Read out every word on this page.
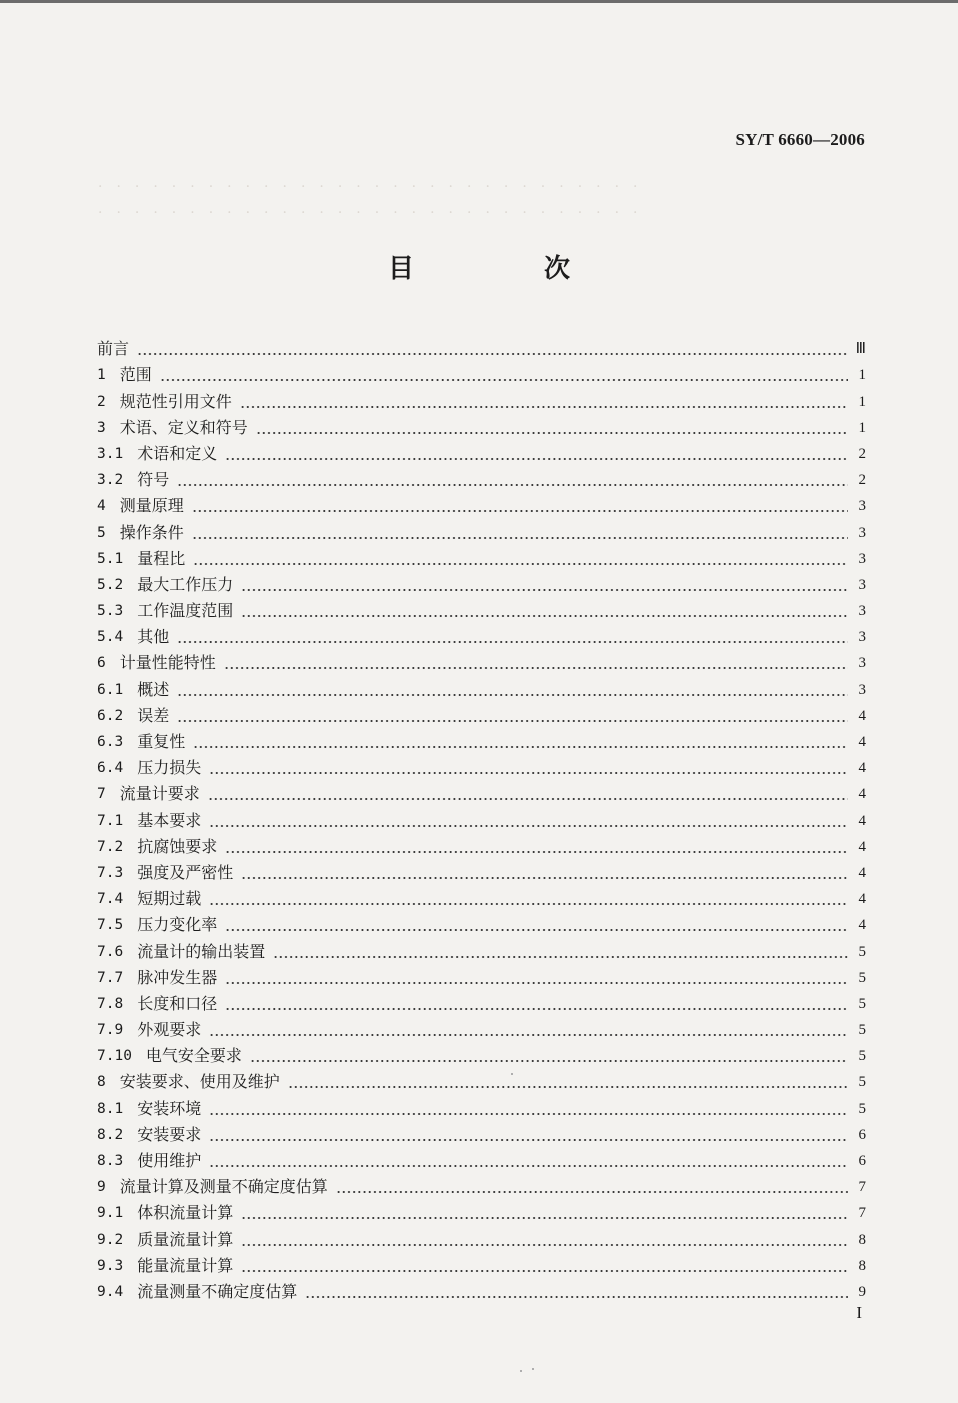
SY/T 6660—2006
·　·　·　·　·　·　·　·　·　·　·　·　·　·　·　·　·　·　·　·　·　·　·　·　·　·　·　·　·　·
·　·　·　·　·　·　·　·　·　·　·　·　·　·　·　·　·　·　·　·　·　·　·　·　·　·　·　·　·　·
目　次
前言	Ⅲ
1 范围	1
2 规范性引用文件	1
3 术语、定义和符号	1
3.1 术语和定义	2
3.2 符号	2
4 测量原理	3
5 操作条件	3
5.1 量程比	3
5.2 最大工作压力	3
5.3 工作温度范围	3
5.4 其他	3
6 计量性能特性	3
6.1 概述	3
6.2 误差	4
6.3 重复性	4
6.4 压力损失	4
7 流量计要求	4
7.1 基本要求	4
7.2 抗腐蚀要求	4
7.3 强度及严密性	4
7.4 短期过载	4
7.5 压力变化率	4
7.6 流量计的输出装置	5
7.7 脉冲发生器	5
7.8 长度和口径	5
7.9 外观要求	5
7.10 电气安全要求	5
8 安装要求、使用及维护	5
8.1 安装环境	5
8.2 安装要求	6
8.3 使用维护	6
9 流量计算及测量不确定度估算	7
9.1 体积流量计算	7
9.2 质量流量计算	8
9.3 能量流量计算	8
9.4 流量测量不确定度估算	9
I
